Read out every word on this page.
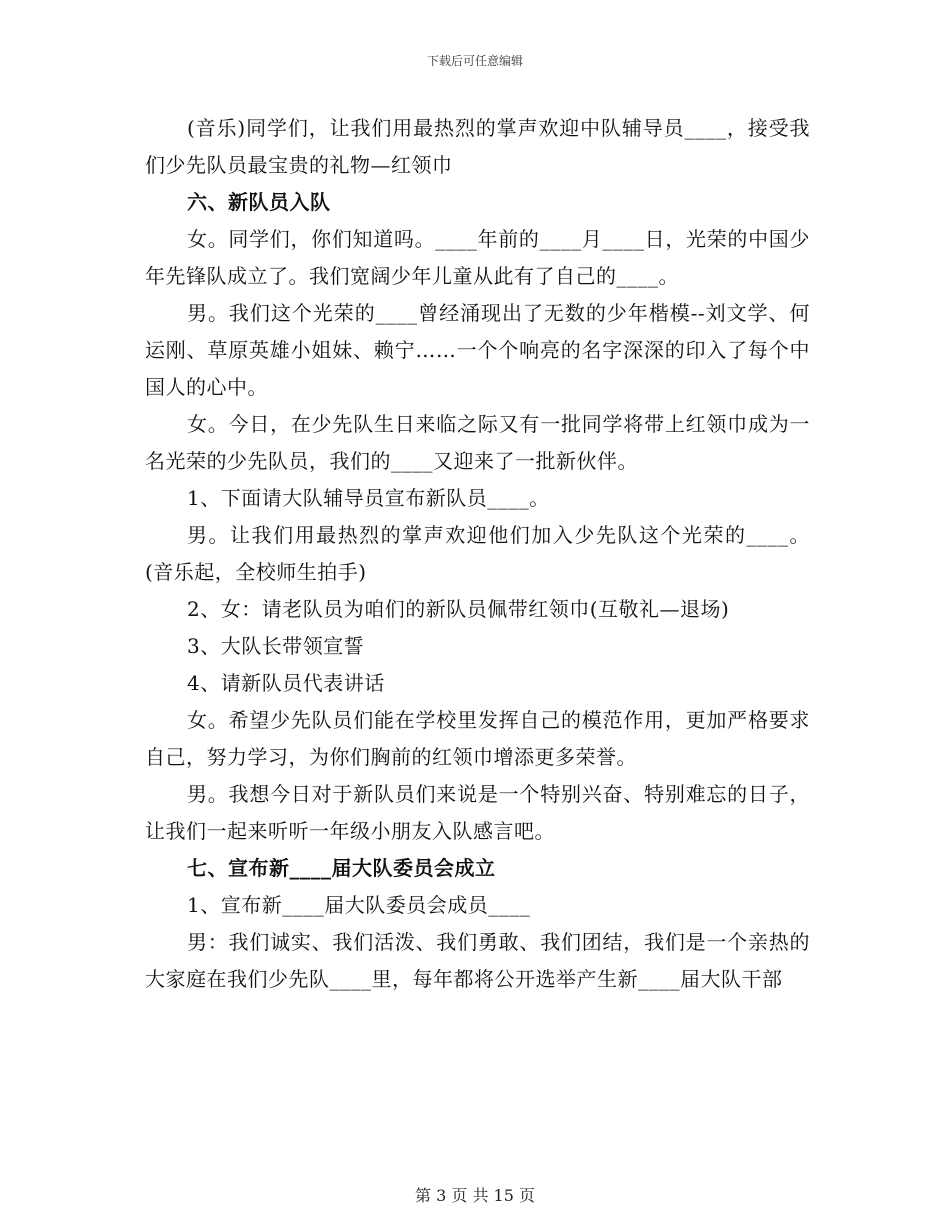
下载后可任意编辑

(音乐)同学们，让我们用最热烈的掌声欢迎中队辅导员____，接受我们少先队员最宝贵的礼物—红领巾

六、新队员入队

女。同学们，你们知道吗。____年前的____月____日，光荣的中国少年先锋队成立了。我们宽阔少年儿童从此有了自己的____。

男。我们这个光荣的____曾经涌现出了无数的少年楷模--刘文学、何运刚、草原英雄小姐妹、赖宁……一个个响亮的名字深深的印入了每个中国人的心中。

女。今日，在少先队生日来临之际又有一批同学将带上红领巾成为一名光荣的少先队员，我们的____又迎来了一批新伙伴。

1、下面请大队辅导员宣布新队员____。

男。让我们用最热烈的掌声欢迎他们加入少先队这个光荣的____。(音乐起，全校师生拍手)

2、女：请老队员为咱们的新队员佩带红领巾(互敬礼—退场)

3、大队长带领宣誓

4、请新队员代表讲话

女。希望少先队员们能在学校里发挥自己的模范作用，更加严格要求自己，努力学习，为你们胸前的红领巾增添更多荣誉。

男。我想今日对于新队员们来说是一个特别兴奋、特别难忘的日子，让我们一起来听听一年级小朋友入队感言吧。

七、宣布新____届大队委员会成立

1、宣布新____届大队委员会成员____

男：我们诚实、我们活泼、我们勇敢、我们团结，我们是一个亲热的大家庭在我们少先队____里，每年都将公开选举产生新____届大队干部

第 3 页 共 15 页
